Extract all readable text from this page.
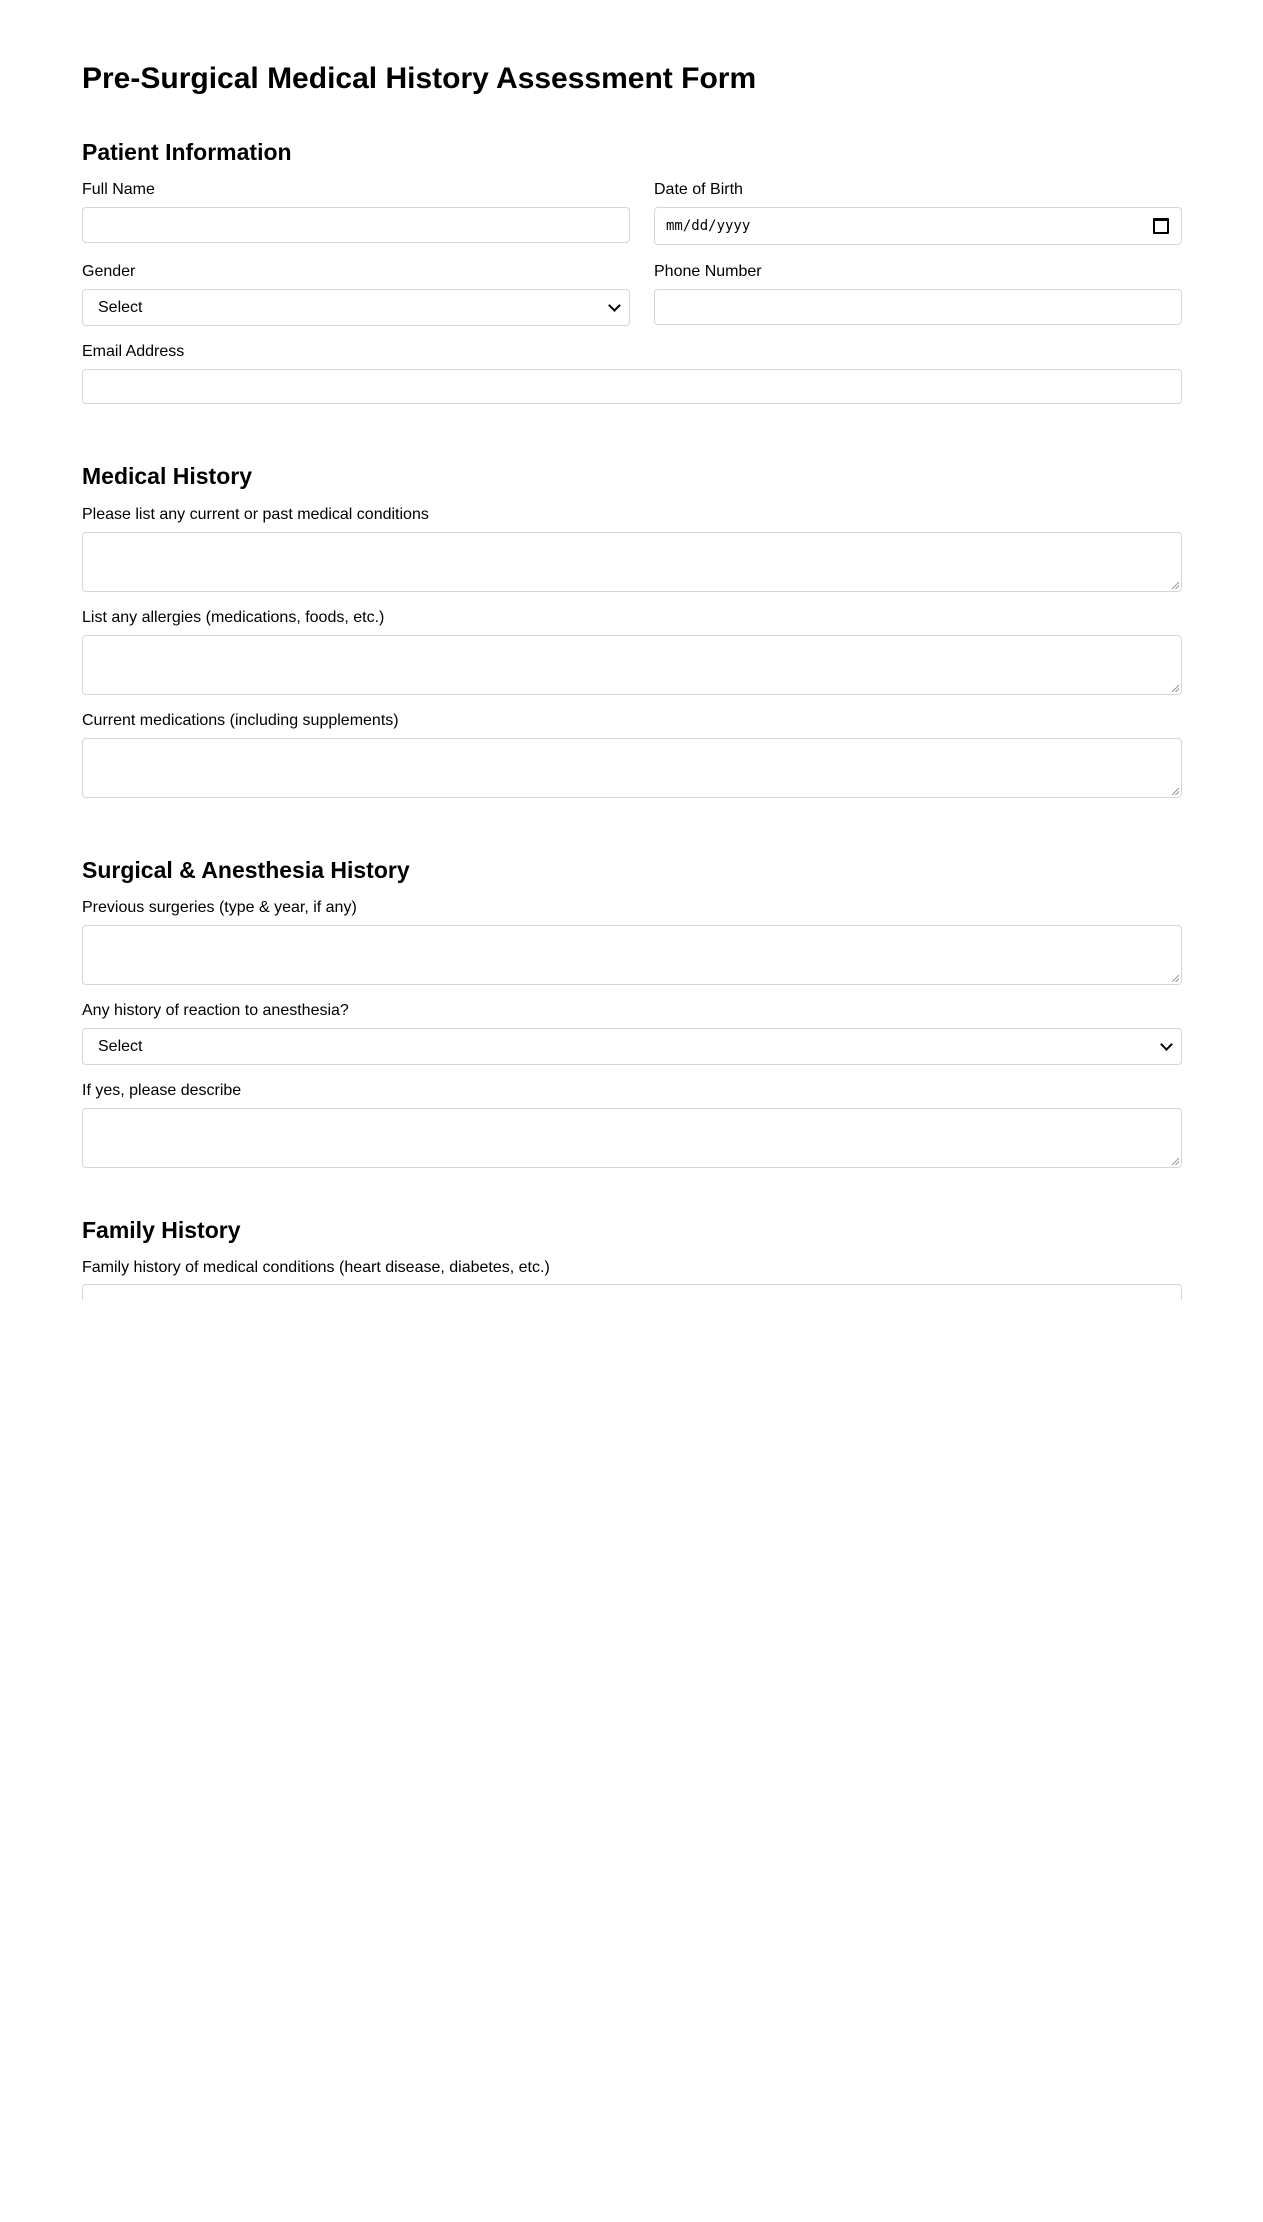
Pre-Surgical Medical History Assessment Form
Patient Information
Full Name	Date of Birth
mm/dd/yyyy
Gender
Select
Phone Number
Email Address
Medical History
Please list any current or past medical conditions
List any allergies (medications, foods, etc.)
Current medications (including supplements)
Surgical & Anesthesia History
Previous surgeries (type & year, if any)
Any history of reaction to anesthesia?
Select
If yes, please describe
Family History
Family history of medical conditions (heart disease, diabetes, etc.)
